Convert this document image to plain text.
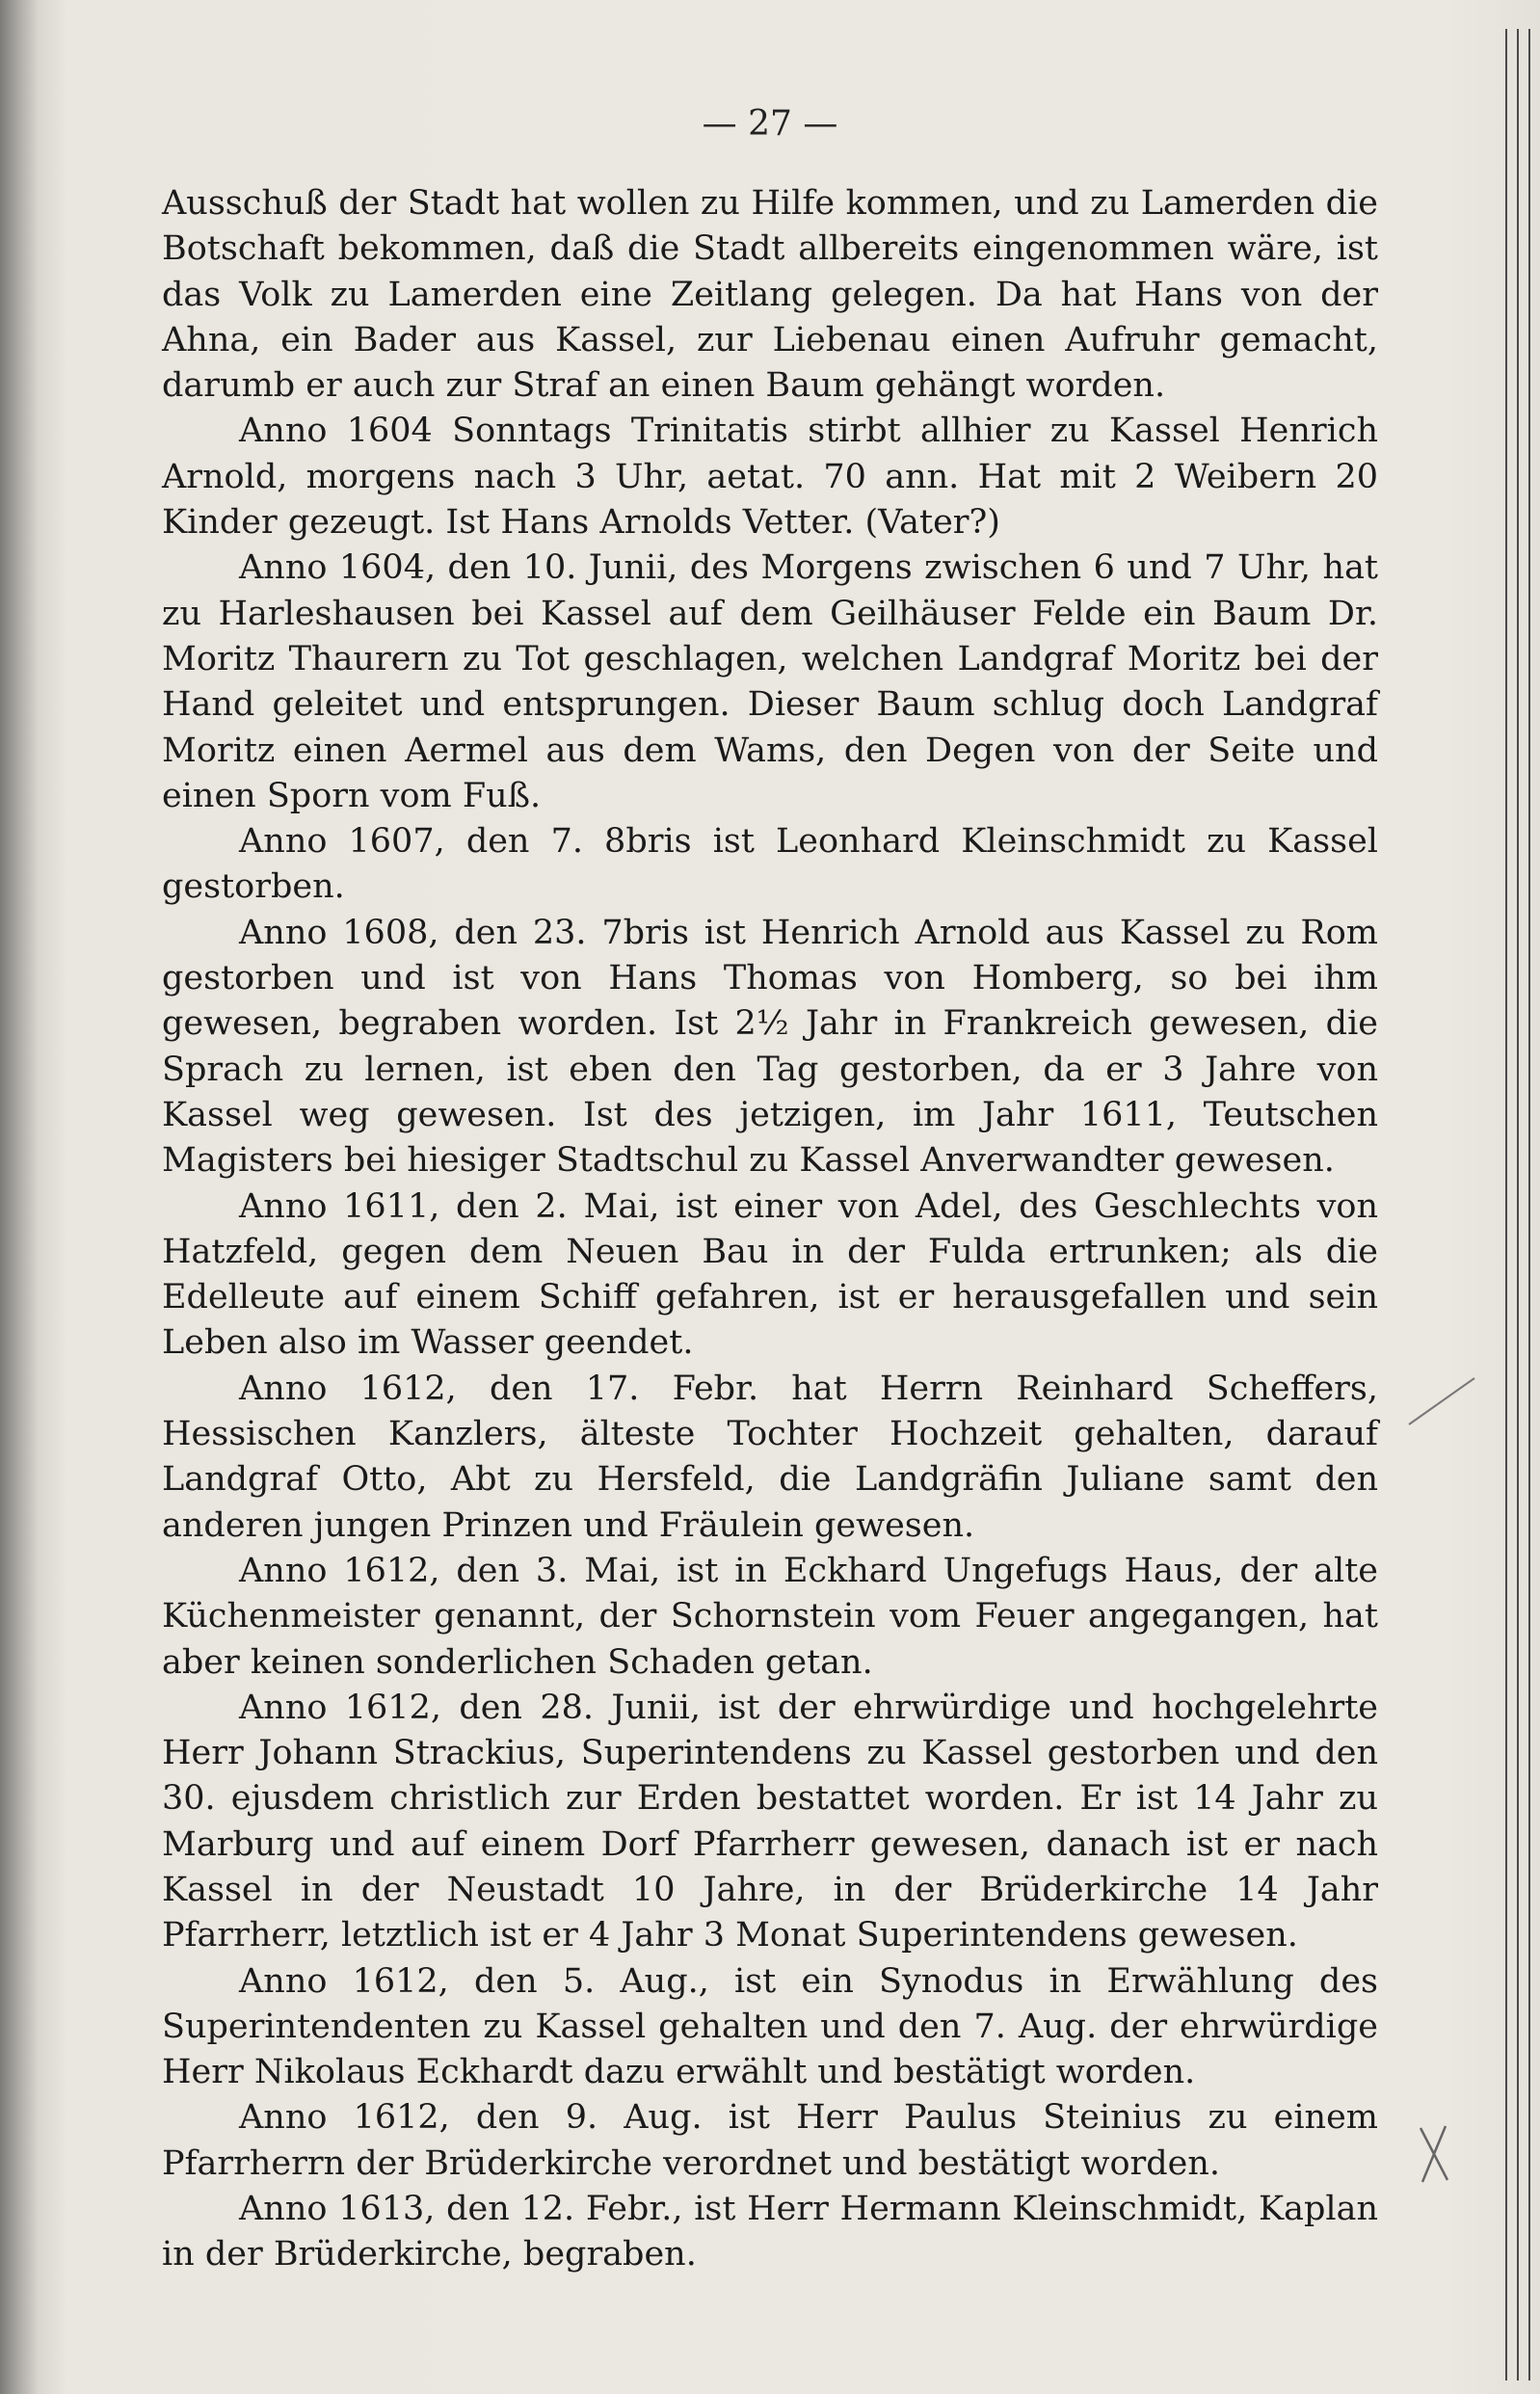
— 27 —

Ausschuß der Stadt hat wollen zu Hilfe kommen, und zu Lamerden die Botschaft bekommen, daß die Stadt allbereits eingenommen wäre, ist das Volk zu Lamerden eine Zeitlang gelegen. Da hat Hans von der Ahna, ein Bader aus Kassel, zur Liebenau einen Aufruhr gemacht, darumb er auch zur Straf an einen Baum gehängt worden.

Anno 1604 Sonntags Trinitatis stirbt allhier zu Kassel Henrich Arnold, morgens nach 3 Uhr, aetat. 70 ann. Hat mit 2 Weibern 20 Kinder gezeugt. Ist Hans Arnolds Vetter. (Vater?)

Anno 1604, den 10. Junii, des Morgens zwischen 6 und 7 Uhr, hat zu Harleshausen bei Kassel auf dem Geilhäuser Felde ein Baum Dr. Moritz Thaurern zu Tot geschlagen, welchen Landgraf Moritz bei der Hand geleitet und entsprungen. Dieser Baum schlug doch Landgraf Moritz einen Aermel aus dem Wams, den Degen von der Seite und einen Sporn vom Fuß.

Anno 1607, den 7. 8bris ist Leonhard Kleinschmidt zu Kassel gestorben.

Anno 1608, den 23. 7bris ist Henrich Arnold aus Kassel zu Rom gestorben und ist von Hans Thomas von Homberg, so bei ihm gewesen, begraben worden. Ist 2½ Jahr in Frankreich gewesen, die Sprach zu lernen, ist eben den Tag gestorben, da er 3 Jahre von Kassel weg gewesen. Ist des jetzigen, im Jahr 1611, Teutschen Magisters bei hiesiger Stadtschul zu Kassel Anverwandter gewesen.

Anno 1611, den 2. Mai, ist einer von Adel, des Geschlechts von Hatzfeld, gegen dem Neuen Bau in der Fulda ertrunken; als die Edelleute auf einem Schiff gefahren, ist er herausgefallen und sein Leben also im Wasser geendet.

Anno 1612, den 17. Febr. hat Herrn Reinhard Scheffers, Hessischen Kanzlers, älteste Tochter Hochzeit gehalten, darauf Landgraf Otto, Abt zu Hersfeld, die Landgräfin Juliane samt den anderen jungen Prinzen und Fräulein gewesen.

Anno 1612, den 3. Mai, ist in Eckhard Ungefugs Haus, der alte Küchenmeister genannt, der Schornstein vom Feuer angegangen, hat aber keinen sonderlichen Schaden getan.

Anno 1612, den 28. Junii, ist der ehrwürdige und hochgelehrte Herr Johann Strackius, Superintendens zu Kassel gestorben und den 30. ejusdem christlich zur Erden bestattet worden. Er ist 14 Jahr zu Marburg und auf einem Dorf Pfarrherr gewesen, danach ist er nach Kassel in der Neustadt 10 Jahre, in der Brüderkirche 14 Jahr Pfarrherr, letztlich ist er 4 Jahr 3 Monat Superintendens gewesen.

Anno 1612, den 5. Aug., ist ein Synodus in Erwählung des Superintendenten zu Kassel gehalten und den 7. Aug. der ehrwürdige Herr Nikolaus Eckhardt dazu erwählt und bestätigt worden.

Anno 1612, den 9. Aug. ist Herr Paulus Steinius zu einem Pfarrherrn der Brüderkirche verordnet und bestätigt worden.

Anno 1613, den 12. Febr., ist Herr Hermann Kleinschmidt, Kaplan in der Brüderkirche, begraben.
